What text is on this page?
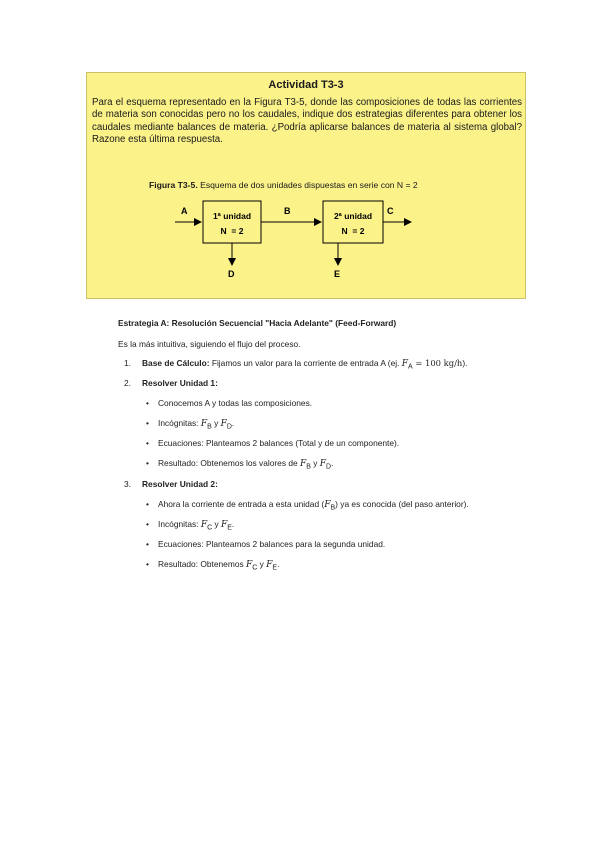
Actividad T3-3
Para el esquema representado en la Figura T3-5, donde las composiciones de todas las corrientes de materia son conocidas pero no los caudales, indique dos estrategias diferentes para obtener los caudales mediante balances de materia. ¿Podría aplicarse balances de materia al sistema global? Razone esta última respuesta.
Figura T3-5. Esquema de dos unidades dispuestas en serie con N = 2
A	1ª unidad
N  = 2
B	2ª unidad
N  = 2
C
D	E
Estrategia A: Resolución Secuencial "Hacia Adelante" (Feed-Forward)
Es la más intuitiva, siguiendo el flujo del proceso.
1. Base de Cálculo: Fijamos un valor para la corriente de entrada A (ej. $F_A = 100$ kg/h).
2. Resolver Unidad 1:
• Conocemos A y todas las composiciones.
• Incógnitas: $F_B$ y $F_D$.
• Ecuaciones: Planteamos 2 balances (Total y de un componente).
• Resultado: Obtenemos los valores de $F_B$ y $F_D$.
3. Resolver Unidad 2:
• Ahora la corriente de entrada a esta unidad $(F_B)$ ya es conocida (del paso anterior).
• Incógnitas: $F_C$ y $F_E$.
• Ecuaciones: Planteamos 2 balances para la segunda unidad.
• Resultado: Obtenemos $F_C$ y $F_E$.
